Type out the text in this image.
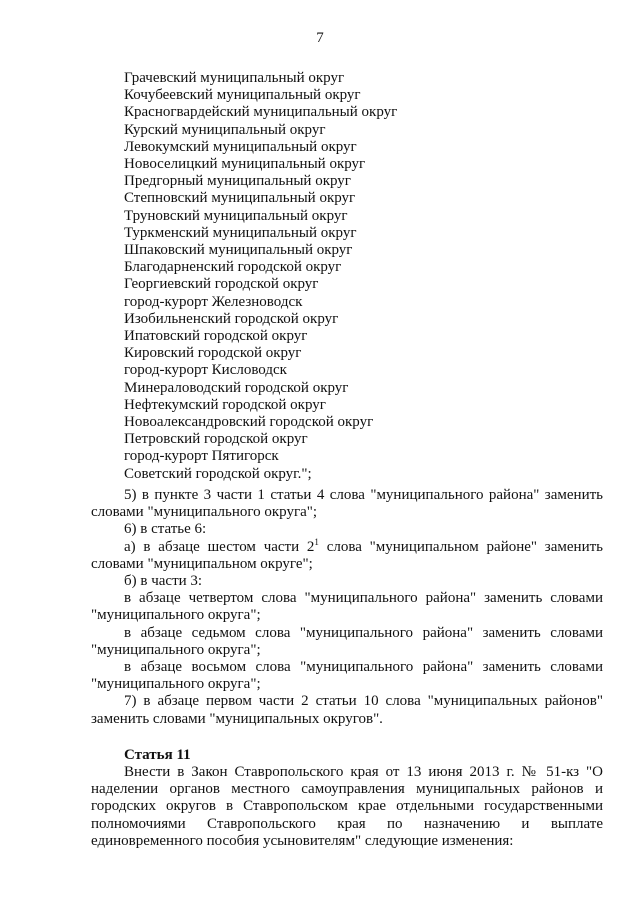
7
Грачевский муниципальный округ
Кочубеевский муниципальный округ
Красногвардейский муниципальный округ
Курский муниципальный округ
Левокумский муниципальный округ
Новоселицкий муниципальный округ
Предгорный муниципальный округ
Степновский муниципальный округ
Труновский муниципальный округ
Туркменский муниципальный округ
Шпаковский муниципальный округ
Благодарненский городской округ
Георгиевский городской округ
город-курорт Железноводск
Изобильненский городской округ
Ипатовский городской округ
Кировский городской округ
город-курорт Кисловодск
Минераловодский городской округ
Нефтекумский городской округ
Новоалександровский городской округ
Петровский городской округ
город-курорт Пятигорск
Советский городской округ.";

5) в пункте 3 части 1 статьи 4 слова "муниципального района" заменить словами "муниципального округа";

6) в статье 6:

а) в абзаце шестом части $2^1$ слова "муниципальном районе" заменить словами "муниципальном округе";

б) в части 3:

в абзаце четвертом слова "муниципального района" заменить словами "муниципального округа";

в абзаце седьмом слова "муниципального района" заменить словами "муниципального округа";

в абзаце восьмом слова "муниципального района" заменить словами "муниципального округа";

7) в абзаце первом части 2 статьи 10 слова "муниципальных районов" заменить словами "муниципальных округов".

Статья 11

Внести в Закон Ставропольского края от 13 июня 2013 г. № 51-кз "О наделении органов местного самоуправления муниципальных районов и городских округов в Ставропольском крае отдельными государственными полномочиями Ставропольского края по назначению и выплате единовременного пособия усыновителям" следующие изменения:
